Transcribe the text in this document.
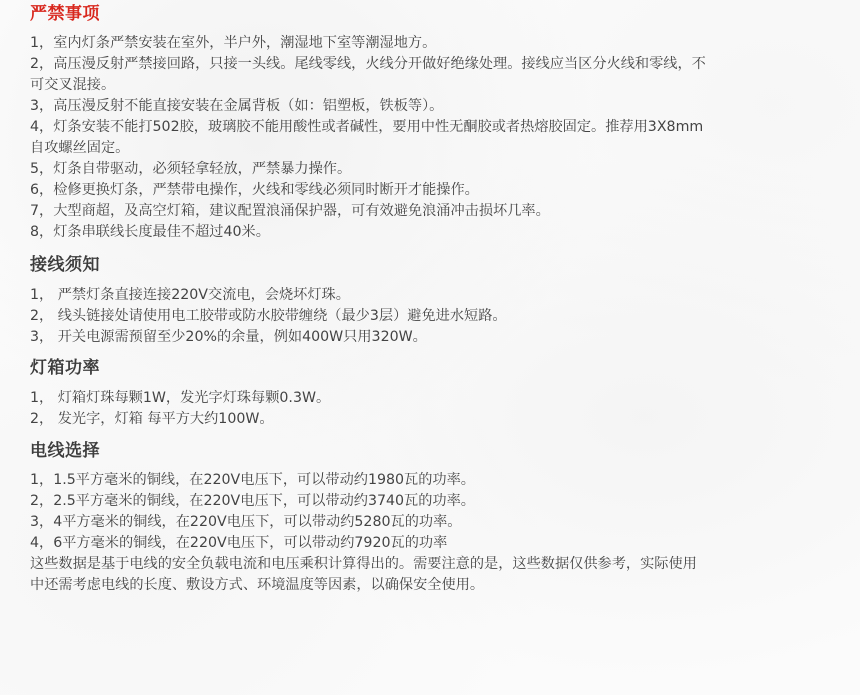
严禁事项
1，室内灯条严禁安装在室外，半户外，潮湿地下室等潮湿地方。
2，高压漫反射严禁接回路，只接一头线。尾线零线，火线分开做好绝缘处理。接线应当区分火线和零线，不
可交叉混接。
3，高压漫反射不能直接安装在金属背板（如：铝塑板，铁板等）。
4，灯条安装不能打502胶，玻璃胶不能用酸性或者碱性，要用中性无酮胶或者热熔胶固定。推荐用3X8mm
自攻螺丝固定。
5，灯条自带驱动，必须轻拿轻放，严禁暴力操作。
6，检修更换灯条，严禁带电操作，火线和零线必须同时断开才能操作。
7，大型商超，及高空灯箱，建议配置浪涌保护器，可有效避免浪涌冲击损坏几率。
8，灯条串联线长度最佳不超过40米。
接线须知
1， 严禁灯条直接连接220V交流电，会烧坏灯珠。
2， 线头链接处请使用电工胶带或防水胶带缠绕（最少3层）避免进水短路。
3， 开关电源需预留至少20%的余量，例如400W只用320W。
灯箱功率
1， 灯箱灯珠每颗1W，发光字灯珠每颗0.3W。
2， 发光字，灯箱 每平方大约100W。
电线选择
1，1.5平方毫米的铜线，在220V电压下，可以带动约1980瓦的功率。
2，2.5平方毫米的铜线，在220V电压下，可以带动约3740瓦的功率。
3，4平方毫米的铜线，在220V电压下，可以带动约5280瓦的功率。
4，6平方毫米的铜线，在220V电压下，可以带动约7920瓦的功率
这些数据是基于电线的安全负载电流和电压乘积计算得出的。需要注意的是，这些数据仅供参考，实际使用
中还需考虑电线的长度、敷设方式、环境温度等因素，以确保安全使用。
